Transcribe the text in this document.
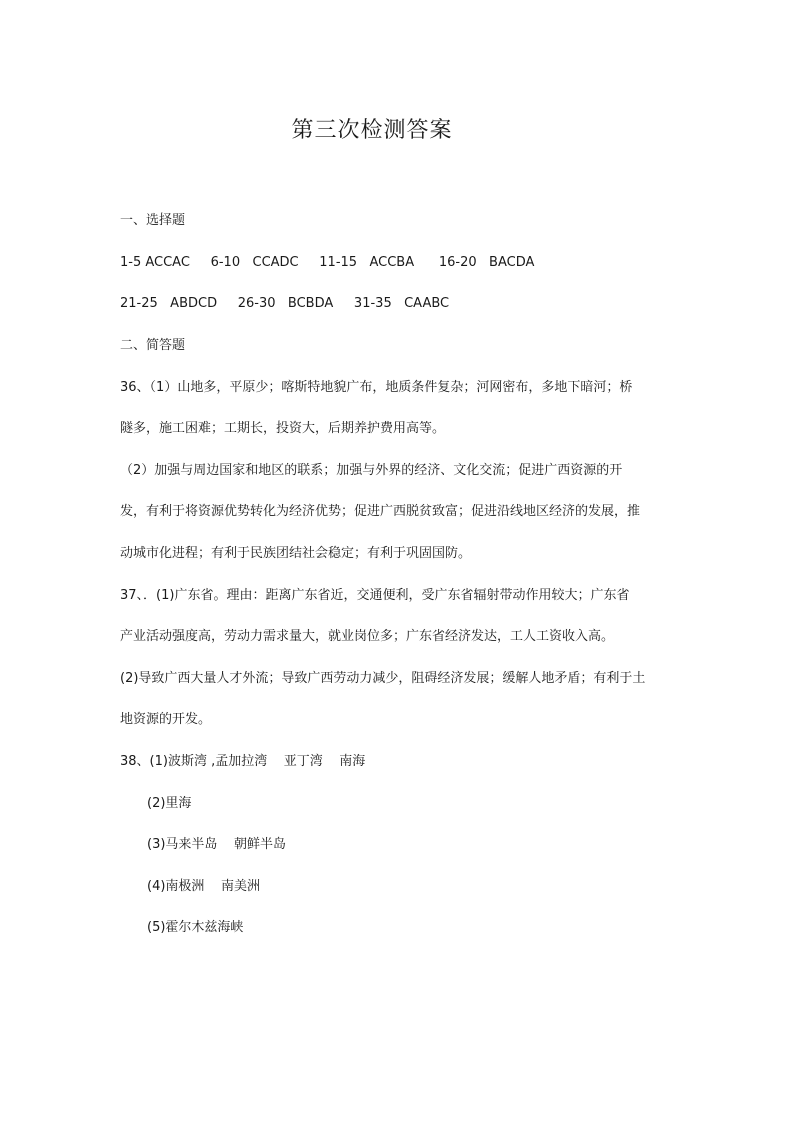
第三次检测答案

一、选择题

1-5 ACCAC     6-10   CCADC     11-15   ACCBA      16-20   BACDA

21-25   ABDCD     26-30   BCBDA     31-35   CAABC

二、简答题

36、（1）山地多，平原少；喀斯特地貌广布，地质条件复杂；河网密布，多地下暗河；桥

隧多，施工困难；工期长，投资大，后期养护费用高等。

（2）加强与周边国家和地区的联系；加强与外界的经济、文化交流；促进广西资源的开

发，有利于将资源优势转化为经济优势；促进广西脱贫致富；促进沿线地区经济的发展，推

动城市化进程；有利于民族团结社会稳定；有利于巩固国防。

37、．(1)广东省。理由：距离广东省近，交通便利，受广东省辐射带动作用较大；广东省

产业活动强度高，劳动力需求量大，就业岗位多；广东省经济发达，工人工资收入高。

(2)导致广西大量人才外流；导致广西劳动力减少，阻碍经济发展；缓解人地矛盾；有利于土

地资源的开发。

38、(1)波斯湾 ,孟加拉湾    亚丁湾    南海

(2)里海

(3)马来半岛    朝鲜半岛

(4)南极洲    南美洲

(5)霍尔木兹海峡
